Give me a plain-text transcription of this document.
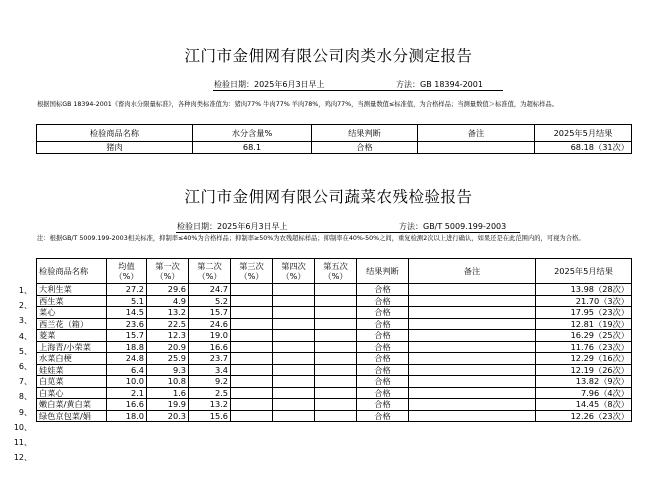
江门市金佣网有限公司肉类水分测定报告
检验日期：2025年6月3日早上	方法：GB 18394-2001
根据国标GB 18394-2001《畜肉水分限量标准》，各种肉类标准值为：猪肉77% 牛肉77% 羊肉78%，鸡肉77%，当测量数值≤标准值，为合格样品；当测量数值＞标准值，为超标样品。
检验商品名称	水分含量%	结果判断	备注	2025年5月结果
猪肉	68.1	合格		68.18（31次）
江门市金佣网有限公司蔬菜农残检验报告
检验日期：2025年6月3日早上	方法：GB/T 5009.199-2003
注：根据GB/T 5009.199-2003相关标准，抑制率≤40%为合格样品；抑制率≥50%为农残超标样品；抑制率在40%-50%之间，重复检测2次以上进行确认，如果还是在此范围内的，可视为合格。
检验商品名称	均值（%）	第一次（%）	第二次（%）	第三次（%）	第四次（%）	第五次（%）	结果判断	备注	2025年5月结果
大利生菜	27.2	29.6	24.7				合格		13.98（28次）
西生菜	5.1	4.9	5.2				合格		21.70（3次）
菜心	14.5	13.2	15.7				合格		17.95（23次）
西兰花（箱）	23.6	22.5	24.6				合格		12.81（19次）
菱菜	15.7	12.3	19.0				合格		16.29（25次）
上海青/小荣菜	18.8	20.9	16.6				合格		11.76（23次）
水菜白梗	24.8	25.9	23.7				合格		12.29（16次）
娃娃菜	6.4	9.3	3.4				合格		12.19（26次）
白苋菜	10.0	10.8	9.2				合格		13.82（9次）
白菜心	2.1	1.6	2.5				合格		7.96（4次）
嫩白菜/黄白菜	16.6	19.9	13.2				合格		14.45（8次）
绿色京包菜/娟	18.0	20.3	15.6				合格		12.26（23次）
1、
2、
3、
4、
5、
6、
7、
8、
9、
10、
11、
12、
